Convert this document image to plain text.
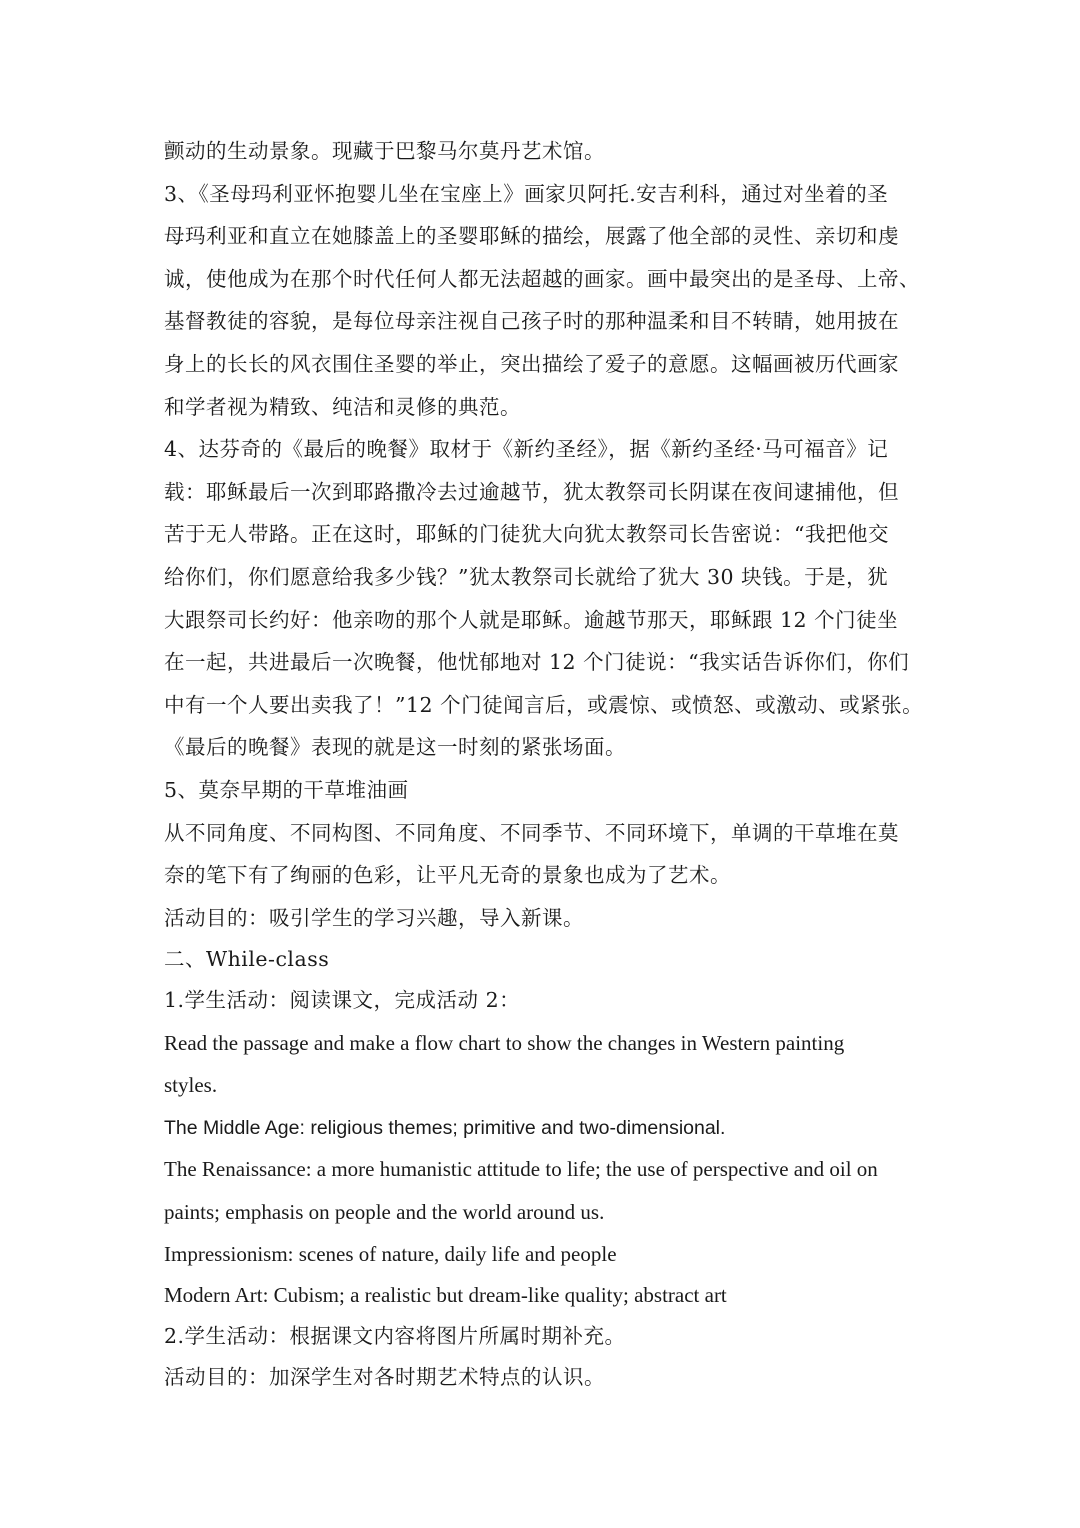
颤动的生动景象。现藏于巴黎马尔莫丹艺术馆。

3、《圣母玛利亚怀抱婴儿坐在宝座上》画家贝阿托.安吉利科，通过对坐着的圣

母玛利亚和直立在她膝盖上的圣婴耶稣的描绘，展露了他全部的灵性、亲切和虔

诚，使他成为在那个时代任何人都无法超越的画家。画中最突出的是圣母、上帝、

基督教徒的容貌，是每位母亲注视自己孩子时的那种温柔和目不转睛，她用披在

身上的长长的风衣围住圣婴的举止，突出描绘了爱子的意愿。这幅画被历代画家

和学者视为精致、纯洁和灵修的典范。

4、达芬奇的《最后的晚餐》取材于《新约圣经》，据《新约圣经·马可福音》记

载：耶稣最后一次到耶路撒冷去过逾越节，犹太教祭司长阴谋在夜间逮捕他，但

苦于无人带路。正在这时，耶稣的门徒犹大向犹太教祭司长告密说：“我把他交

给你们，你们愿意给我多少钱？”犹太教祭司长就给了犹大 30 块钱。于是，犹

大跟祭司长约好：他亲吻的那个人就是耶稣。逾越节那天，耶稣跟 12 个门徒坐

在一起，共进最后一次晚餐，他忧郁地对 12 个门徒说：“我实话告诉你们，你们

中有一个人要出卖我了！”12 个门徒闻言后，或震惊、或愤怒、或激动、或紧张。

《最后的晚餐》表现的就是这一时刻的紧张场面。

5、莫奈早期的干草堆油画

从不同角度、不同构图、不同角度、不同季节、不同环境下，单调的干草堆在莫

奈的笔下有了绚丽的色彩，让平凡无奇的景象也成为了艺术。

活动目的：吸引学生的学习兴趣，导入新课。

二、While-class

1.学生活动：阅读课文，完成活动 2：

Read the passage and make a flow chart to show the changes in Western painting

styles.

The Middle Age: religious themes; primitive and two-dimensional.

The Renaissance: a more humanistic attitude to life; the use of perspective and oil on

paints; emphasis on people and the world around us.

Impressionism: scenes of nature, daily life and people

Modern Art: Cubism; a realistic but dream-like quality; abstract art

2.学生活动：根据课文内容将图片所属时期补充。

活动目的：加深学生对各时期艺术特点的认识。
